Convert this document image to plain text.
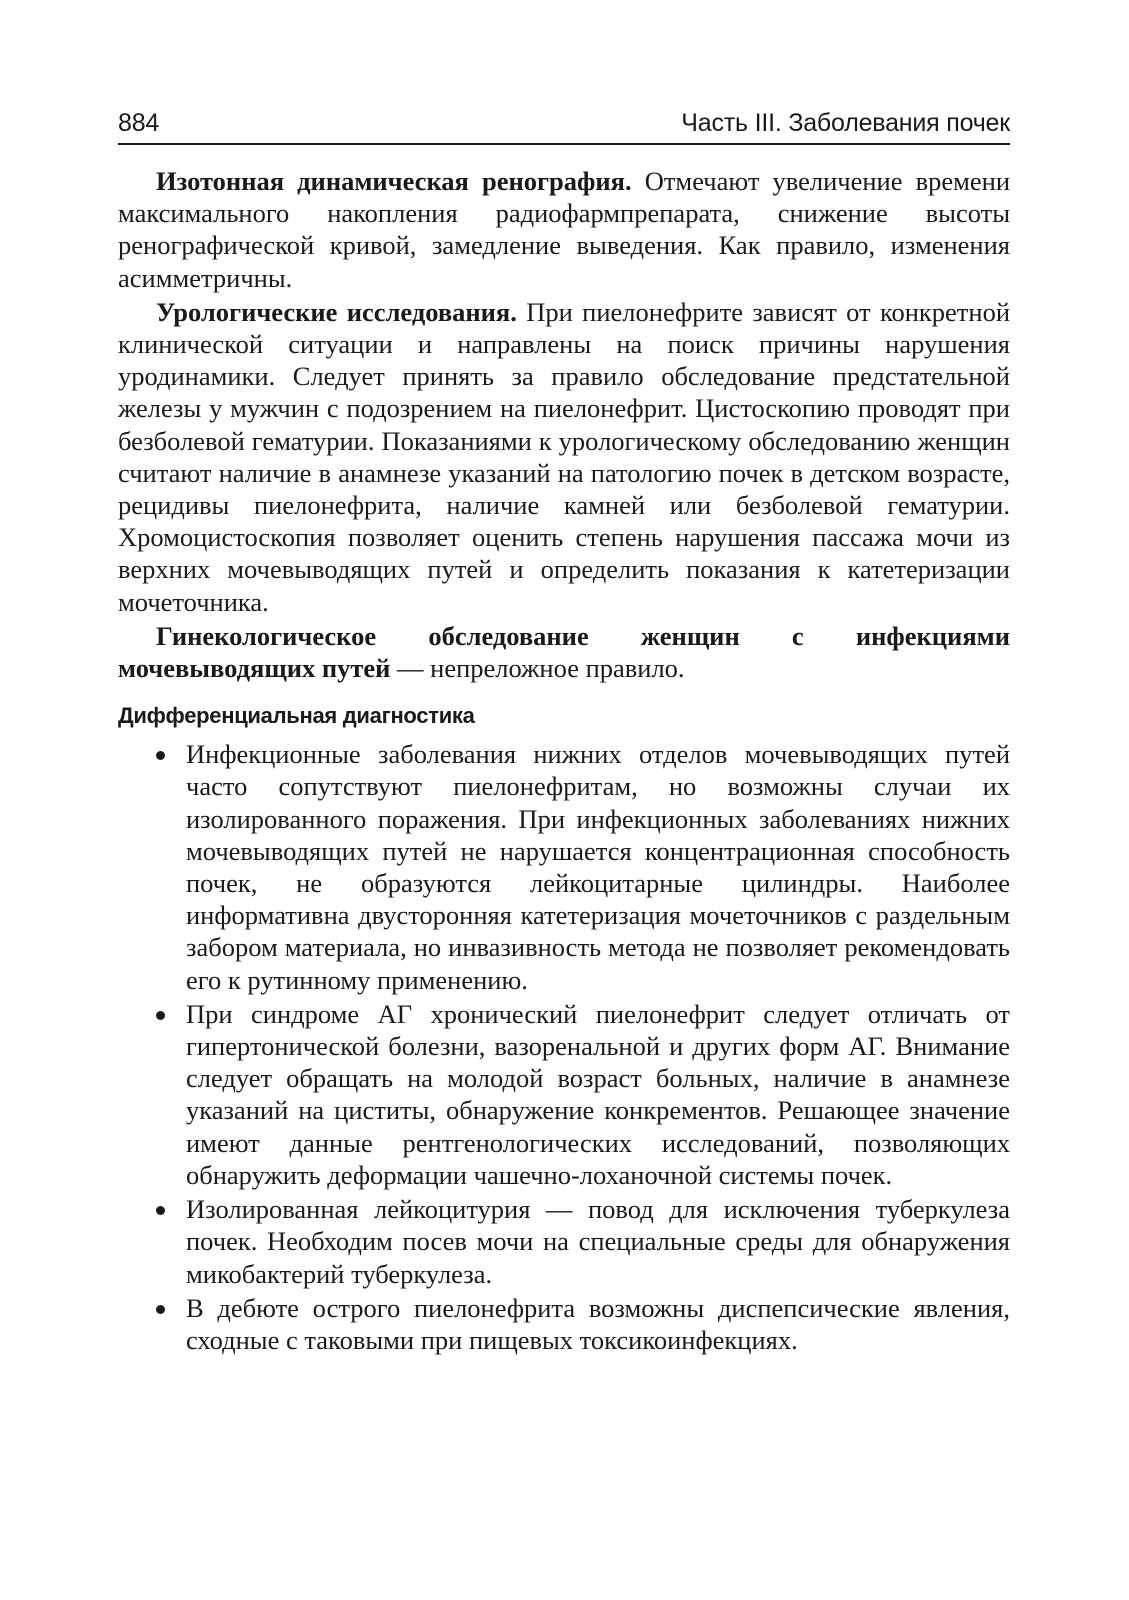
884	Часть III. Заболевания почек

Изотонная динамическая ренография. Отмечают увеличение времени максимального накопления радиофармпрепарата, снижение высоты ренографической кривой, замедление выведения. Как правило, изменения асимметричны.

Урологические исследования. При пиелонефрите зависят от конкретной клинической ситуации и направлены на поиск причины нарушения уродинамики. Следует принять за правило обследование предстательной железы у мужчин с подозрением на пиелонефрит. Цистоскопию проводят при безболевой гематурии. Показаниями к урологическому обследованию женщин считают наличие в анамнезе указаний на патологию почек в детском возрасте, рецидивы пиелонефрита, наличие камней или безболевой гематурии. Хромоцистоскопия позволяет оценить степень нарушения пассажа мочи из верхних мочевыводящих путей и определить показания к катетеризации мочеточника.

Гинекологическое обследование женщин с инфекциями мочевыводящих путей — непреложное правило.

Дифференциальная диагностика
Инфекционные заболевания нижних отделов мочевыводящих путей часто сопутствуют пиелонефритам, но возможны случаи их изолированного поражения. При инфекционных заболеваниях нижних мочевыводящих путей не нарушается концентрационная способность почек, не образуются лейкоцитарные цилиндры. Наиболее информативна двусторонняя катетеризация мочеточников с раздельным забором материала, но инвазивность метода не позволяет рекомендовать его к рутинному применению.
При синдроме АГ хронический пиелонефрит следует отличать от гипертонической болезни, вазоренальной и других форм АГ. Внимание следует обращать на молодой возраст больных, наличие в анамнезе указаний на циститы, обнаружение конкрементов. Решающее значение имеют данные рентгенологических исследований, позволяющих обнаружить деформации чашечно-лоханочной системы почек.
Изолированная лейкоцитурия — повод для исключения туберкулеза почек. Необходим посев мочи на специальные среды для обнаружения микобактерий туберкулеза.
В дебюте острого пиелонефрита возможны диспепсические явления, сходные с таковыми при пищевых токсикоинфекциях.
